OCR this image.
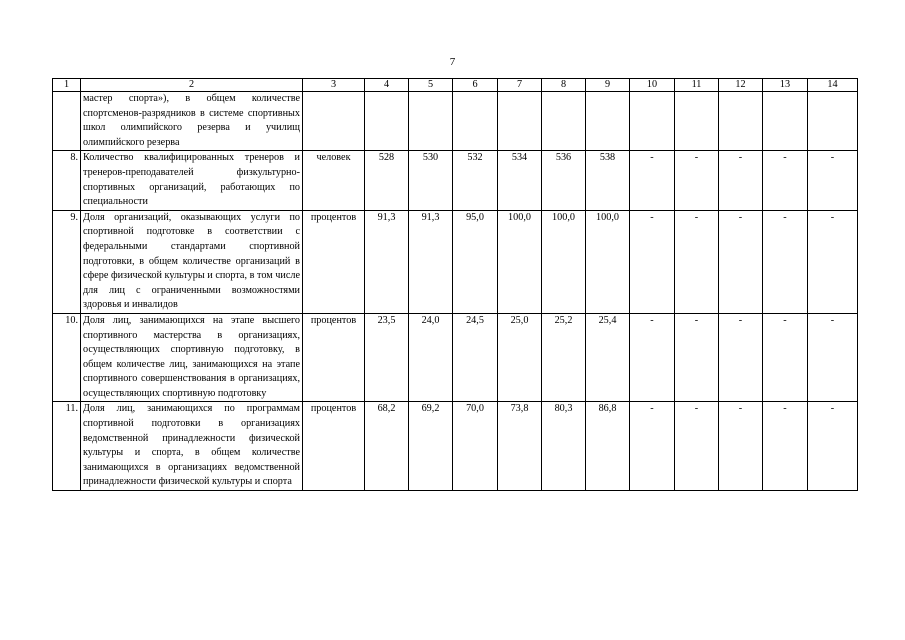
7
1	2	3	4	5	6	7	8	9	10	11	12	13	14
	мастер спорта»), в общем количестве спортсменов-разрядников в системе спортивных школ олимпийского резерва и училищ олимпийского резерва												
8.	Количество квалифицированных тренеров и тренеров-преподавателей физкультурно-спортивных организаций, работающих по специальности	человек	528	530	532	534	536	538	-	-	-	-	-
9.	Доля организаций, оказывающих услуги по спортивной подготовке в соответствии с федеральными стандартами спортивной подготовки, в общем количестве организаций в сфере физической культуры и спорта, в том числе для лиц с ограниченными возможностями здоровья и инвалидов	процентов	91,3	91,3	95,0	100,0	100,0	100,0	-	-	-	-	-
10.	Доля лиц, занимающихся на этапе высшего спортивного мастерства в организациях, осуществляющих спортивную подготовку, в общем количестве лиц, занимающихся на этапе спортивного совершенствования в организациях, осуществляющих спортивную подготовку	процентов	23,5	24,0	24,5	25,0	25,2	25,4	-	-	-	-	-
11.	Доля лиц, занимающихся по программам спортивной подготовки в организациях ведомственной принадлежности физической культуры и спорта, в общем количестве занимающихся в организациях ведомственной принадлежности физической культуры и спорта	процентов	68,2	69,2	70,0	73,8	80,3	86,8	-	-	-	-	-
